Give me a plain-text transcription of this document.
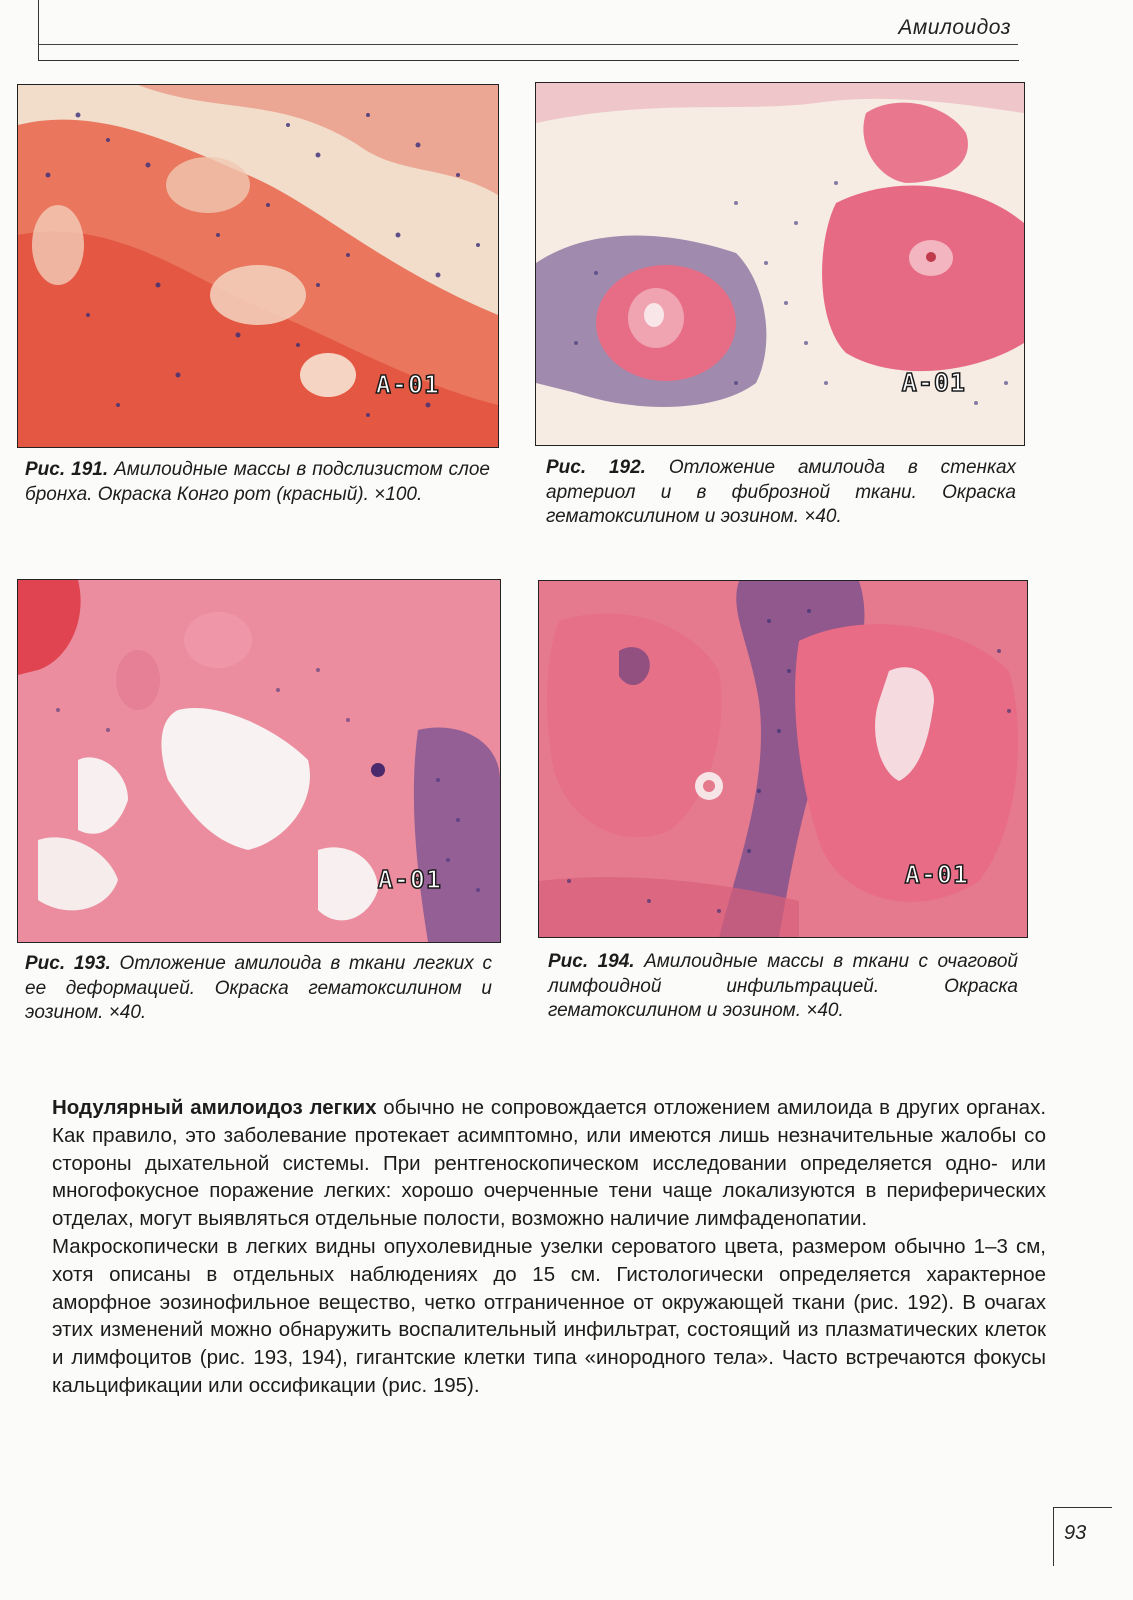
Амилоидоз
A-01	A-01
A-01	A-01
Рис. 191. Амилоидные массы в подслизистом слое бронха. Окраска Конго рот (красный). ×100.
Рис. 192. Отложение амилоида в стенках артериол и в фиброзной ткани. Окраска гематоксилином и эозином. ×40.
Рис. 193. Отложение амилоида в ткани легких с ее деформацией. Окраска гематоксилином и эозином. ×40.
Рис. 194. Амилоидные массы в ткани с очаговой лимфоидной инфильтрацией. Окраска гематоксилином и эозином. ×40.

Нодулярный амилоидоз легких обычно не сопровождается отложением амилоида в других органах. Как правило, это заболевание протекает асимптомно, или имеются лишь незначительные жалобы со стороны дыхательной системы. При рентгеноскопическом исследовании определяется одно- или многофокусное поражение легких: хорошо очерченные тени чаще локализуются в периферических отделах, могут выявляться отдельные полости, возможно наличие лимфаденопатии.

Макроскопически в легких видны опухолевидные узелки сероватого цвета, размером обычно 1–3 см, хотя описаны в отдельных наблюдениях до 15 см. Гистологически определяется характерное аморфное эозинофильное вещество, четко отграниченное от окружающей ткани (рис. 192). В очагах этих изменений можно обнаружить воспалительный инфильтрат, состоящий из плазматических клеток и лимфоцитов (рис. 193, 194), гигантские клетки типа «инородного тела». Часто встречаются фокусы кальцификации или оссификации (рис. 195).

93
